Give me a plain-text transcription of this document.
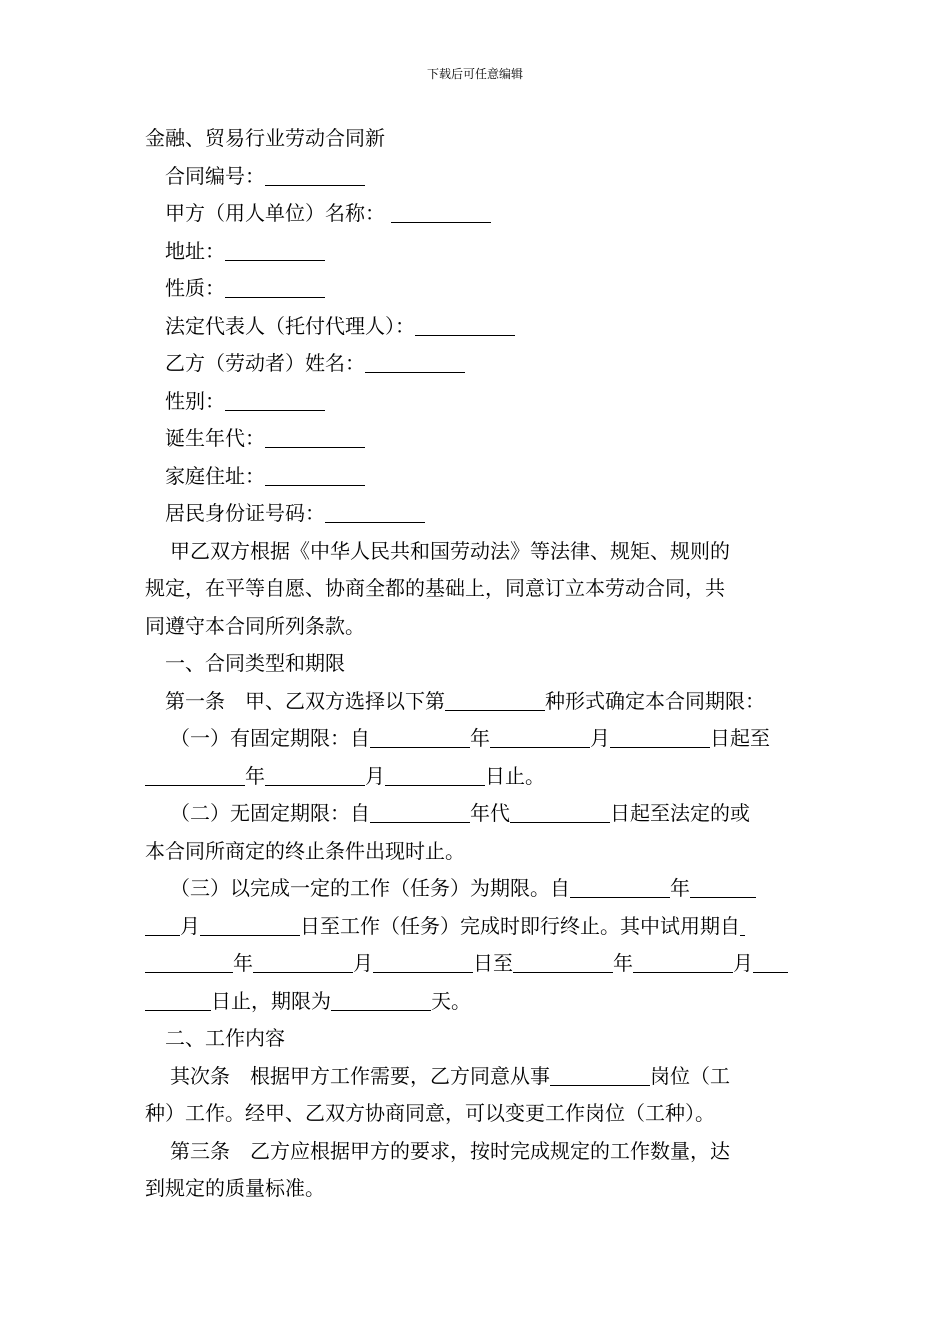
下载后可任意编辑
金融、贸易行业劳动合同新
合同编号：
甲方（用人单位）名称：
地址：
性质：
法定代表人（托付代理人）：
乙方（劳动者）姓名：
性别：
诞生年代：
家庭住址：
居民身份证号码：
甲乙双方根据《中华人民共和国劳动法》等法律、规矩、规则的
规定，在平等自愿、协商全都的基础上，同意订立本劳动合同，共
同遵守本合同所列条款。
一、合同类型和期限
第一条　甲、乙双方选择以下第	种形式确定本合同期限：
（一）有固定期限：自	年	月	日起至
年	月	日止。
（二）无固定期限：自	年代	日起至法定的或
本合同所商定的终止条件出现时止。
（三）以完成一定的工作（任务）为期限。自	年
月	日至工作（任务）完成时即行终止。其中试用期自
年	月	日至	年	月
日止，期限为	天。
二、工作内容
其次条　根据甲方工作需要，乙方同意从事	岗位（工
种）工作。经甲、乙双方协商同意，可以变更工作岗位（工种）。
第三条　乙方应根据甲方的要求，按时完成规定的工作数量，达
到规定的质量标准。
